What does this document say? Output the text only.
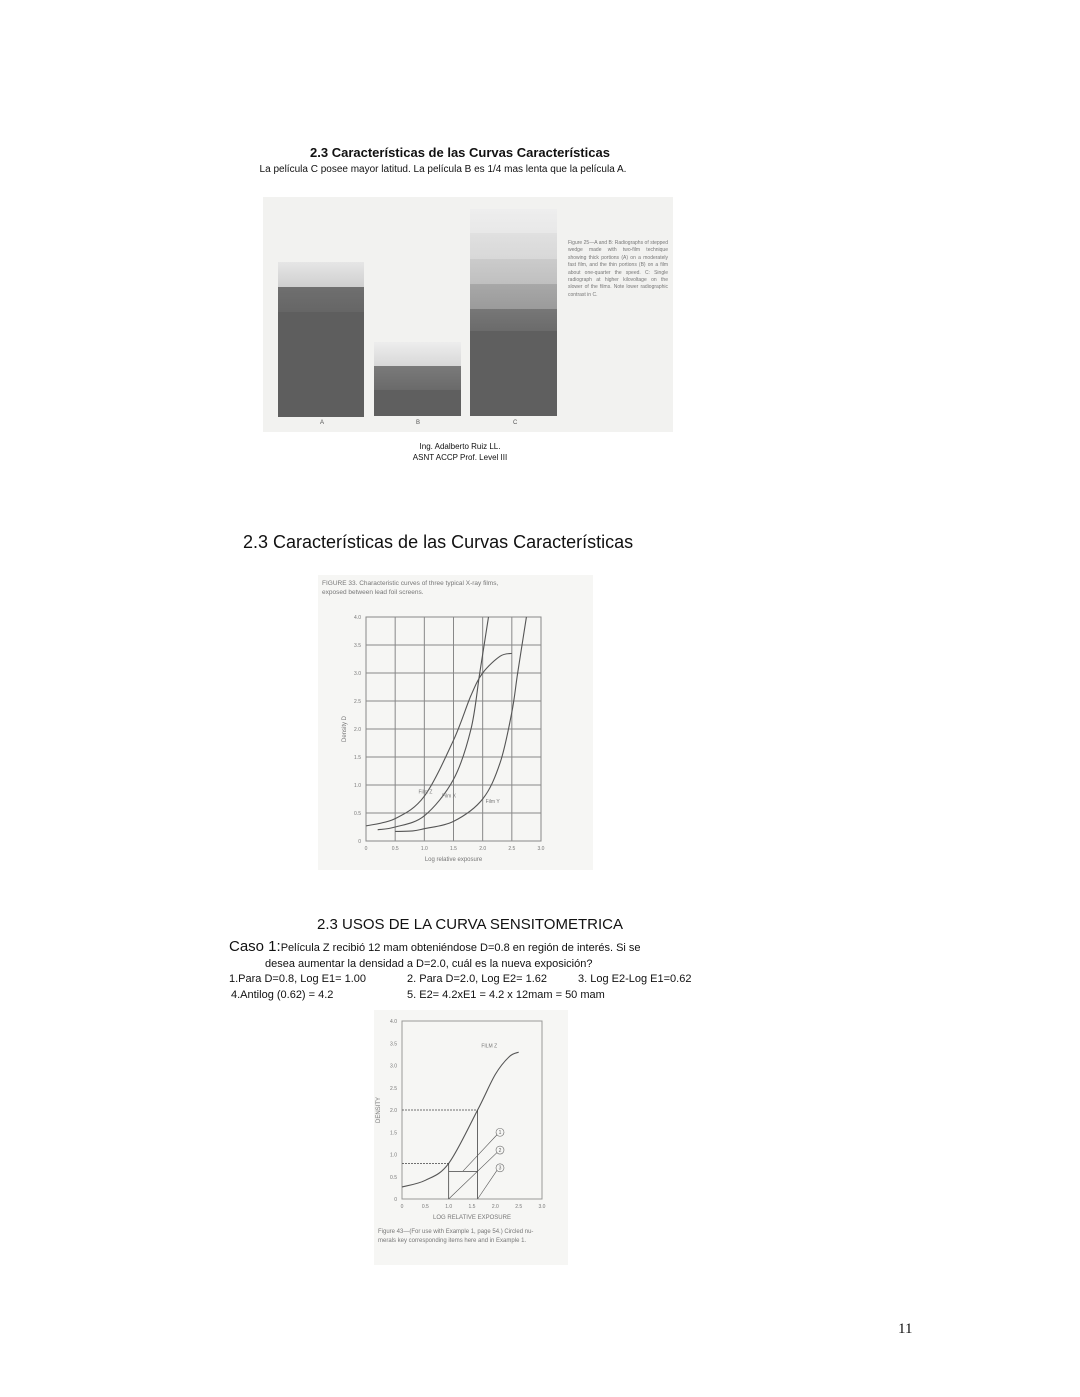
2.3 Características de las Curvas Características
La película C posee mayor latitud. La película B es 1/4 mas lenta que la película A.
A	B	C
Figure 25—A and B: Radiographs of stepped wedge made with two-film technique showing thick portions (A) on a moderately fast film, and the thin portions (B) on a film about one-quarter the speed. C: Single radiograph at higher kilovoltage on the slower of the films. Note lower radiographic contrast in C.
Ing. Adalberto Ruiz LL.
ASNT ACCP Prof. Level III
2.3 Características de las Curvas Características
FIGURE 33. Characteristic curves of three typical X-ray films,
exposed between lead foil screens.
0	0.5	1.0	1.5	2.0	2.5	3.0
0
0.5
1.0
1.5
2.0
2.5
3.0
3.5
4.0
Log relative exposure
Density D
Film Z
Film X
Film Y
2.3 USOS DE LA CURVA SENSITOMETRICA
Caso 1:Película Z recibió 12 mam obteniéndose D=0.8 en región de interés. Si se
desea aumentar la densidad a D=2.0, cuál es la nueva exposición?
1.Para D=0.8, Log E1= 1.00	2. Para D=2.0, Log E2= 1.62	3. Log E2-Log E1=0.62
4.Antilog (0.62) = 4.2	5. E2= 4.2xE1 = 4.2 x 12mam = 50 mam
0	0.5	1.0	1.5	2.0	2.5	3.0
0
0.5
1.0
1.5
2.0
2.5
3.0
3.5
4.0
LOG RELATIVE EXPOSURE
DENSITY
FILM Z
1
2
3
Figure 43—(For use with Example 1, page 54.) Circled nu-
merals key corresponding items here and in Example 1.
11
